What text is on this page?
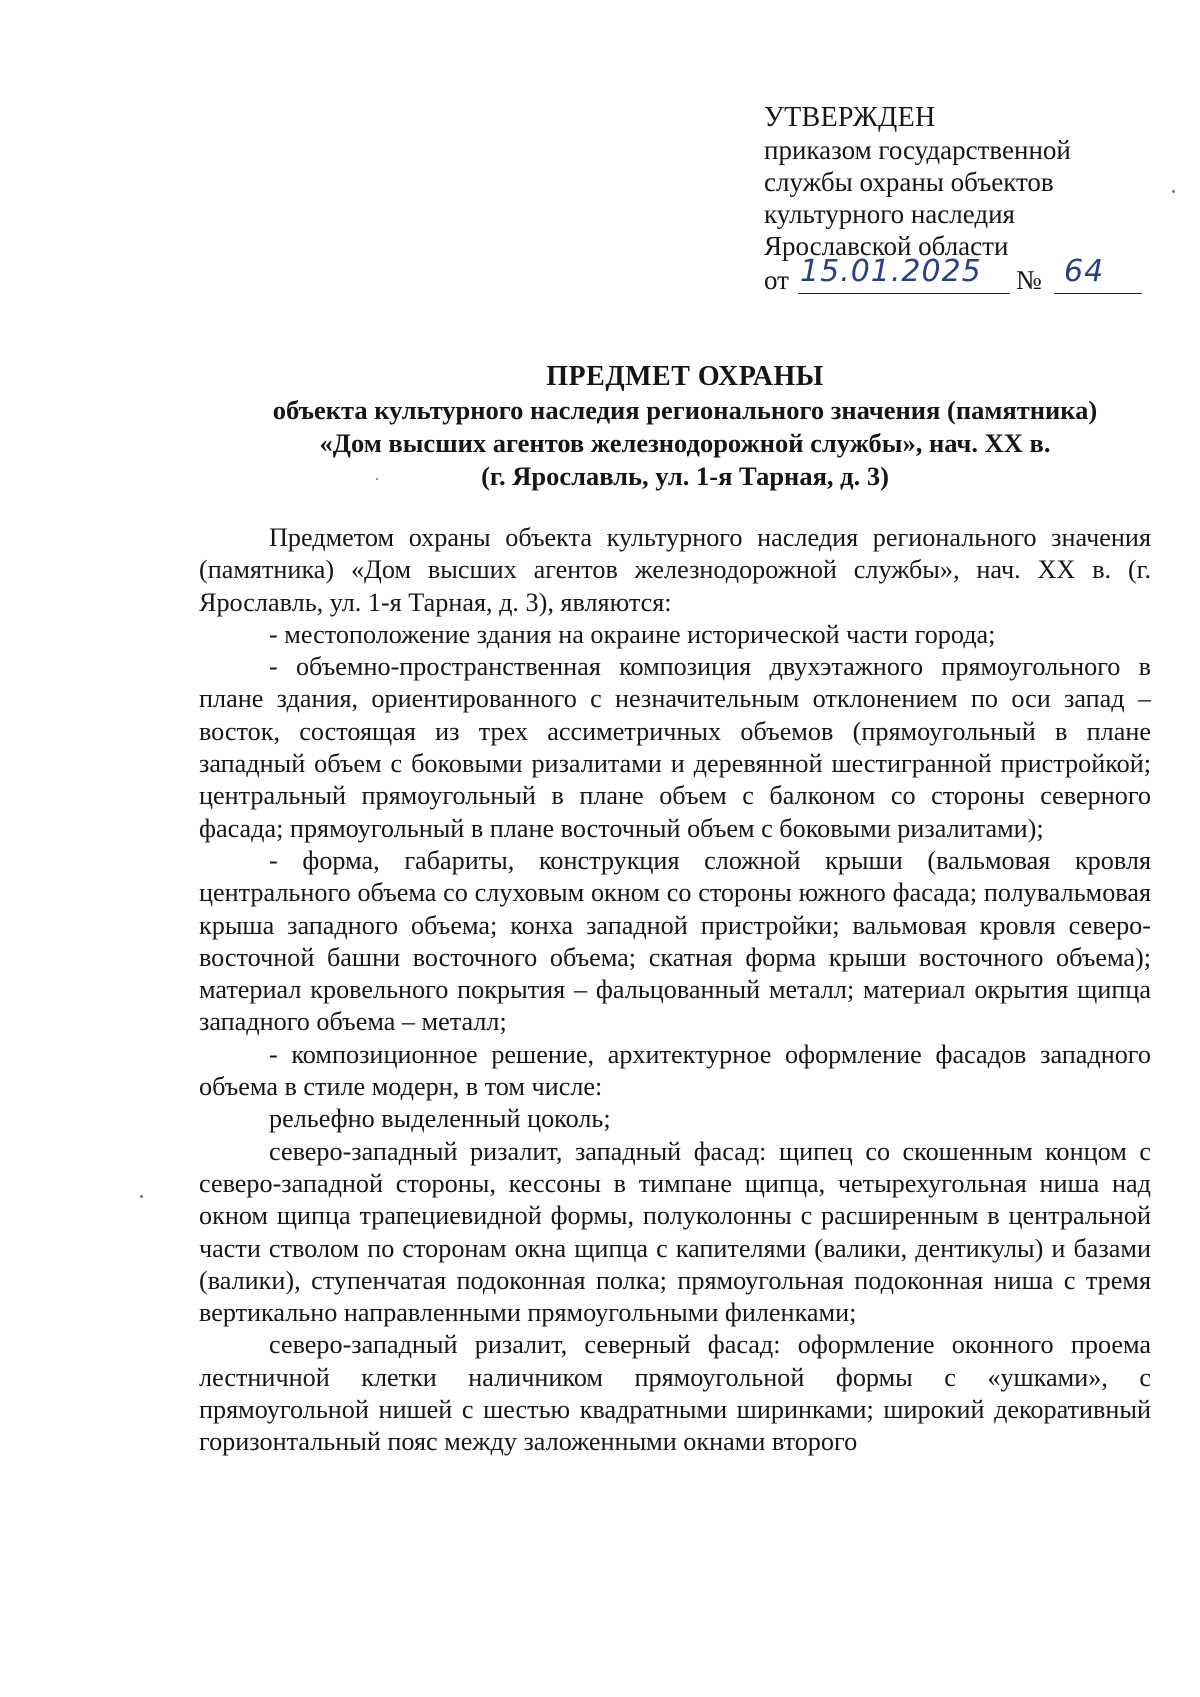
УТВЕРЖДЕН
приказом государственной
службы охраны объектов
культурного наследия
Ярославской области
от 15.01.2025 № 64
ПРЕДМЕТ ОХРАНЫ
объекта культурного наследия регионального значения (памятника)
«Дом высших агентов железнодорожной службы», нач. XX в.
(г. Ярославль, ул. 1-я Тарная, д. 3)

Предметом охраны объекта культурного наследия регионального значения (памятника) «Дом высших агентов железнодорожной службы», нач. XX в. (г. Ярославль, ул. 1-я Тарная, д. 3), являются:

- местоположение здания на окраине исторической части города;

- объемно-пространственная композиция двухэтажного прямоугольного в плане здания, ориентированного с незначительным отклонением по оси запад – восток, состоящая из трех ассиметричных объемов (прямоугольный в плане западный объем с боковыми ризалитами и деревянной шестигранной пристройкой; центральный прямоугольный в плане объем с балконом со стороны северного фасада; прямоугольный в плане восточный объем с боковыми ризалитами);

- форма, габариты, конструкция сложной крыши (вальмовая кровля центрального объема со слуховым окном со стороны южного фасада; полувальмовая крыша западного объема; конха западной пристройки; вальмовая кровля северо-восточной башни восточного объема; скатная форма крыши восточного объема); материал кровельного покрытия – фальцованный металл; материал окрытия щипца западного объема – металл;

- композиционное решение, архитектурное оформление фасадов западного объема в стиле модерн, в том числе:

рельефно выделенный цоколь;

северо-западный ризалит, западный фасад: щипец со скошенным концом с северо-западной стороны, кессоны в тимпане щипца, четырехугольная ниша над окном щипца трапециевидной формы, полуколонны с расширенным в центральной части стволом по сторонам окна щипца с капителями (валики, дентикулы) и базами (валики), ступенчатая подоконная полка; прямоугольная подоконная ниша с тремя вертикально направленными прямоугольными филенками;

северо-западный ризалит, северный фасад: оформление оконного проема лестничной клетки наличником прямоугольной формы с «ушками», с прямоугольной нишей с шестью квадратными ширинками; широкий декоративный горизонтальный пояс между заложенными окнами второго
